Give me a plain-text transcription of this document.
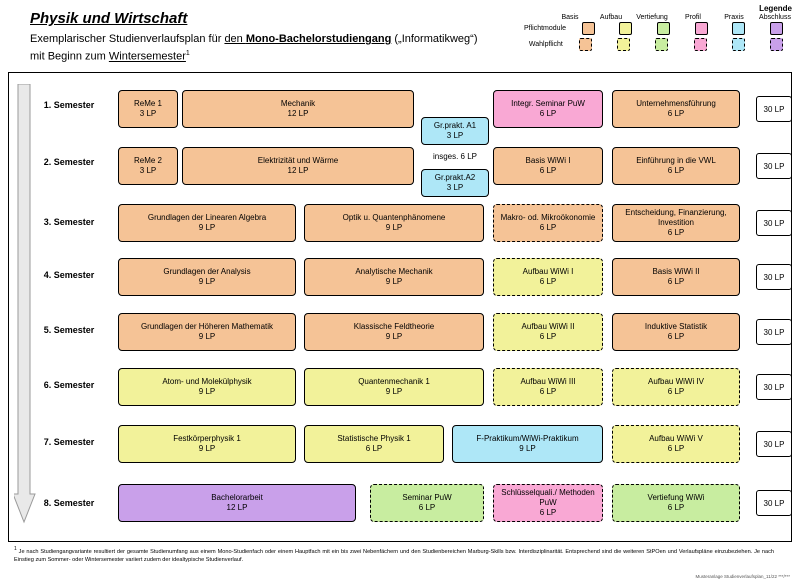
Physik und Wirtschaft
Exemplarischer Studienverlaufsplan für den Mono-Bachelorstudiengang („Informatikweg“)
mit Beginn zum Wintersemester$^1$
Legende
Basis	Aufbau	Vertiefung	Profil	Praxis	Abschluss
Pflichtmodule
Wahlpflicht
1. Semester	ReMe 1
3 LP
Mechanik
12 LP
Gr.prakt. A1
3 LP
insges. 6 LP
Integr. Seminar PuW
6 LP
Unternehmensführung
6 LP	30 LP
2. Semester	ReMe 2
3 LP
Elektrizität und Wärme
12 LP
Gr.prakt.A2
3 LP
Basis WiWi I
6 LP
Einführung in die VWL
6 LP	30 LP
3. Semester	Grundlagen der Linearen Algebra
9 LP
Optik u. Quantenphänomene
9 LP
Makro- od. Mikroökonomie
6 LP
Entscheidung, Finanzierung, Investition
6 LP
30 LP
4. Semester	Grundlagen der Analysis
9 LP
Analytische Mechanik
9 LP
Aufbau WiWi I
6 LP
Basis WiWi II
6 LP	30 LP
5. Semester	Grundlagen der Höheren Mathematik
9 LP
Klassische Feldtheorie
9 LP
Aufbau WiWi II
6 LP
Induktive Statistik
6 LP	30 LP
6. Semester	Atom- und Molekülphysik
9 LP
Quantenmechanik 1
9 LP
Aufbau WiWi III
6 LP
Aufbau WiWi IV
6 LP	30 LP
7. Semester	Festkörperphysik 1
9 LP
Statistische Physik 1
6 LP
F-Praktikum/WiWi-Praktikum
9 LP
Aufbau WiWi V
6 LP	30 LP
8. Semester
Bachelorarbeit
12 LP
Seminar PuW
6 LP
Schlüsselquali./ Methoden PuW
6 LP
Vertiefung WiWi
6 LP	30 LP
1 Je nach Studiengangvariante resultiert der gesamte Studienumfang aus einem Mono-Studienfach oder einem Hauptfach mit ein bis zwei Nebenfächern und den Studienbereichen Marburg-Skills bzw. Interdisziplinarität. Entsprechend sind die weiteren StPOen und Verlaufspläne einzubeziehen. Je nach Einstieg zum Sommer- oder Wintersemester variiert zudem der idealtypische Studienverlauf.
Musteranlage Studienverlaufsplan_11/22 ***/***
